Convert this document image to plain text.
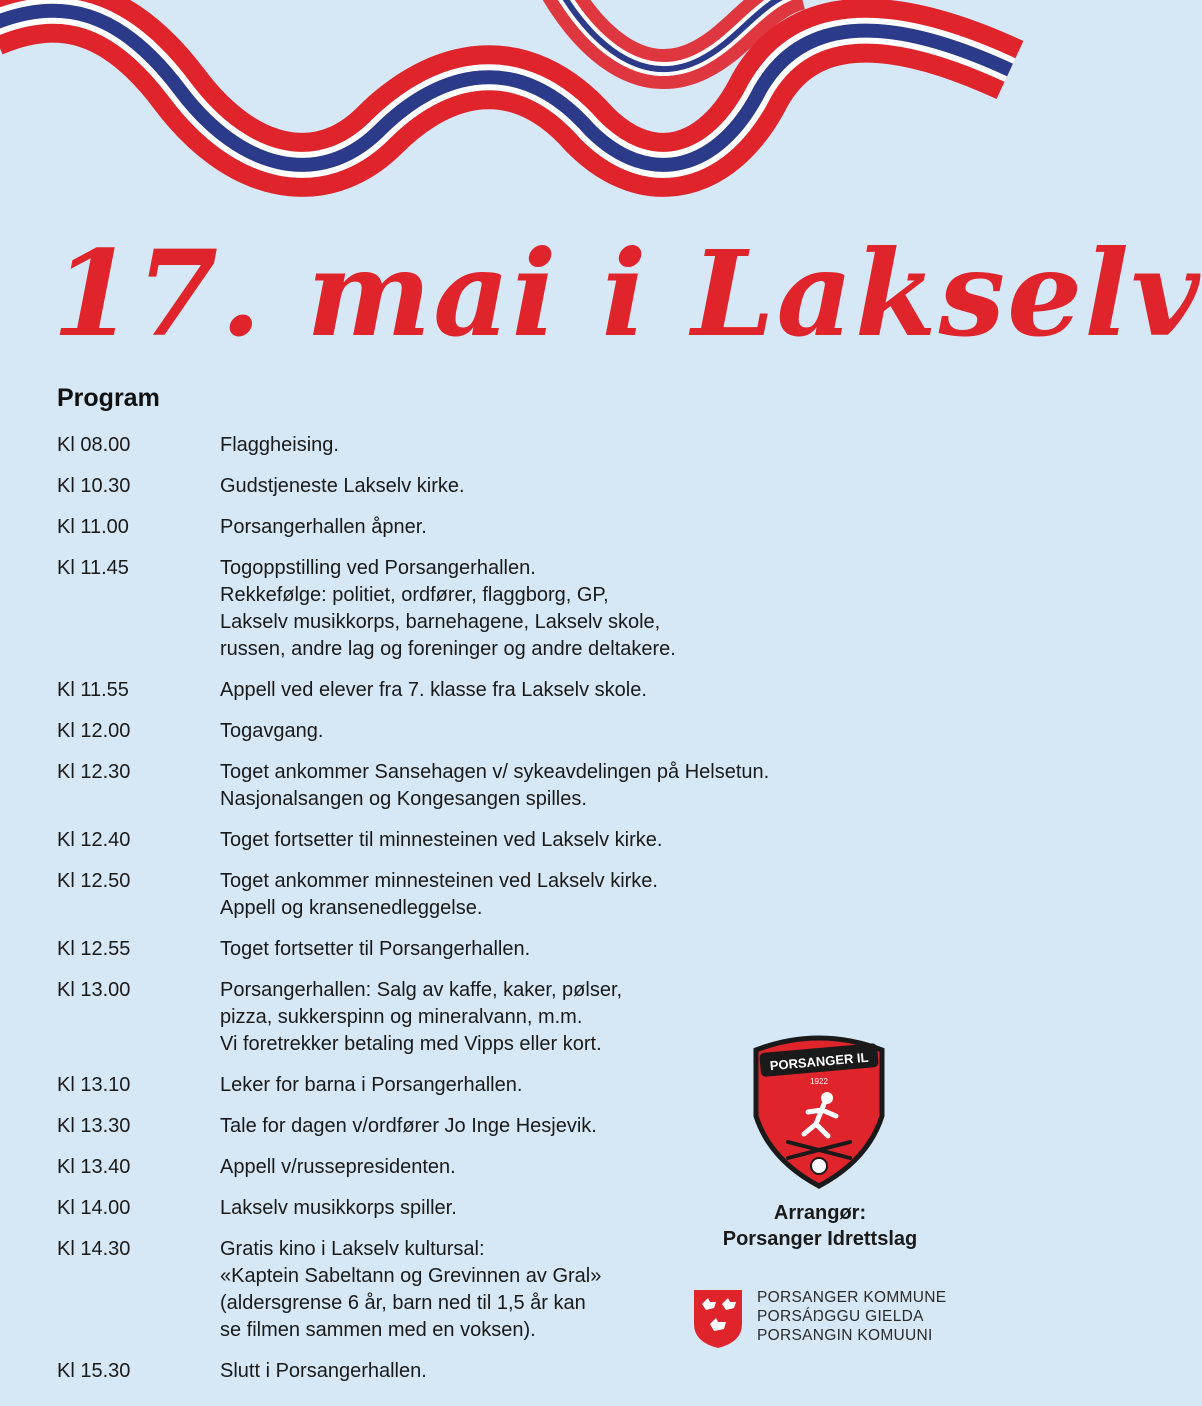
17. mai i Lakselv
Program
Kl 08.00	Flaggheising.
Kl 10.30	Gudstjeneste Lakselv kirke.
Kl 11.00	Porsangerhallen åpner.
Kl 11.45	Togoppstilling ved Porsangerhallen.
Rekkefølge: politiet, ordfører, flaggborg, GP,
Lakselv musikkorps, barnehagene, Lakselv skole,
russen, andre lag og foreninger og andre deltakere.
Kl 11.55	Appell ved elever fra 7. klasse fra Lakselv skole.
Kl 12.00	Togavgang.
Kl 12.30	Toget ankommer Sansehagen v/ sykeavdelingen på Helsetun.
Nasjonalsangen og Kongesangen spilles.
Kl 12.40	Toget fortsetter til minnesteinen ved Lakselv kirke.
Kl 12.50	Toget ankommer minnesteinen ved Lakselv kirke.
Appell og kransenedleggelse.
Kl 12.55	Toget fortsetter til Porsangerhallen.
Kl 13.00	Porsangerhallen: Salg av kaffe, kaker, pølser,
pizza, sukkerspinn og mineralvann, m.m.
Vi foretrekker betaling med Vipps eller kort.
Kl 13.10	Leker for barna i Porsangerhallen.
Kl 13.30	Tale for dagen v/ordfører Jo Inge Hesjevik.
Kl 13.40	Appell v/russepresidenten.
Kl 14.00	Lakselv musikkorps spiller.
Kl 14.30	Gratis kino i Lakselv kultursal:
«Kaptein Sabeltann og Grevinnen av Gral»
(aldersgrense 6 år, barn ned til 1,5 år kan
se filmen sammen med en voksen).
Kl 15.30	Slutt i Porsangerhallen.
PORSANGER IL
1922
Arrangør:
Porsanger Idrettslag
PORSANGER KOMMUNE
PORSÁŊGGU GIELDA
PORSANGIN KOMUUNI
